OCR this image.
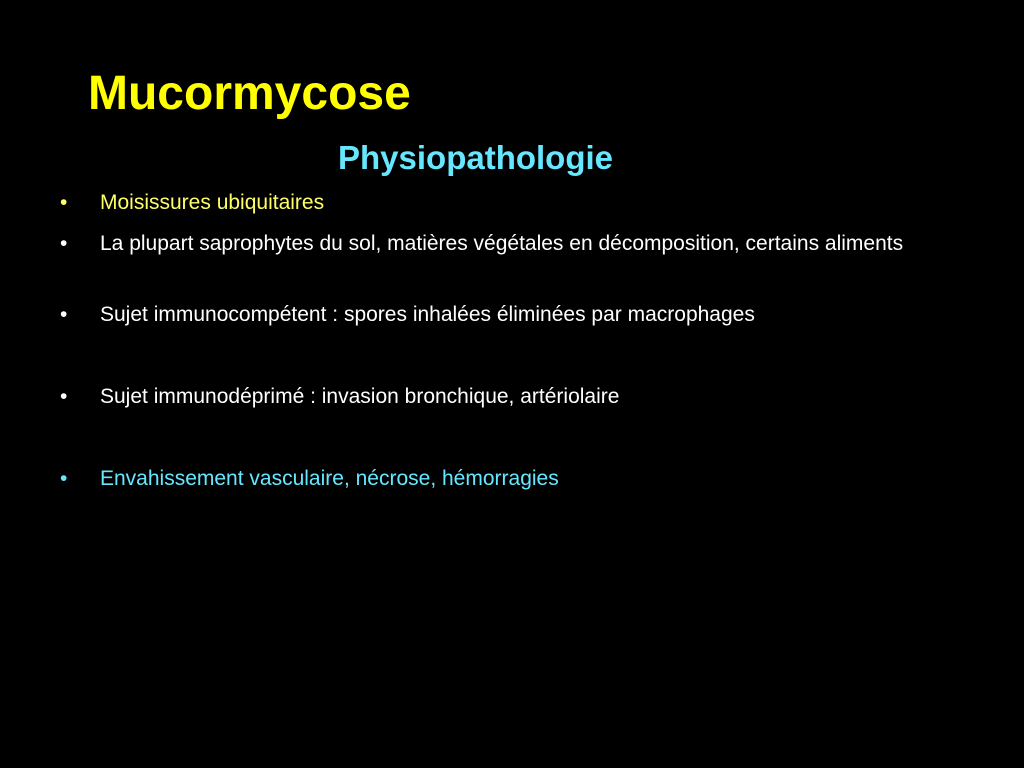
Mucormycose
Physiopathologie
•	Moisissures ubiquitaires
•	La plupart saprophytes du sol, matières végétales en décomposition, certains aliments
•	Sujet immunocompétent : spores inhalées éliminées par macrophages
•	Sujet immunodéprimé : invasion bronchique, artériolaire
•	Envahissement vasculaire, nécrose, hémorragies
